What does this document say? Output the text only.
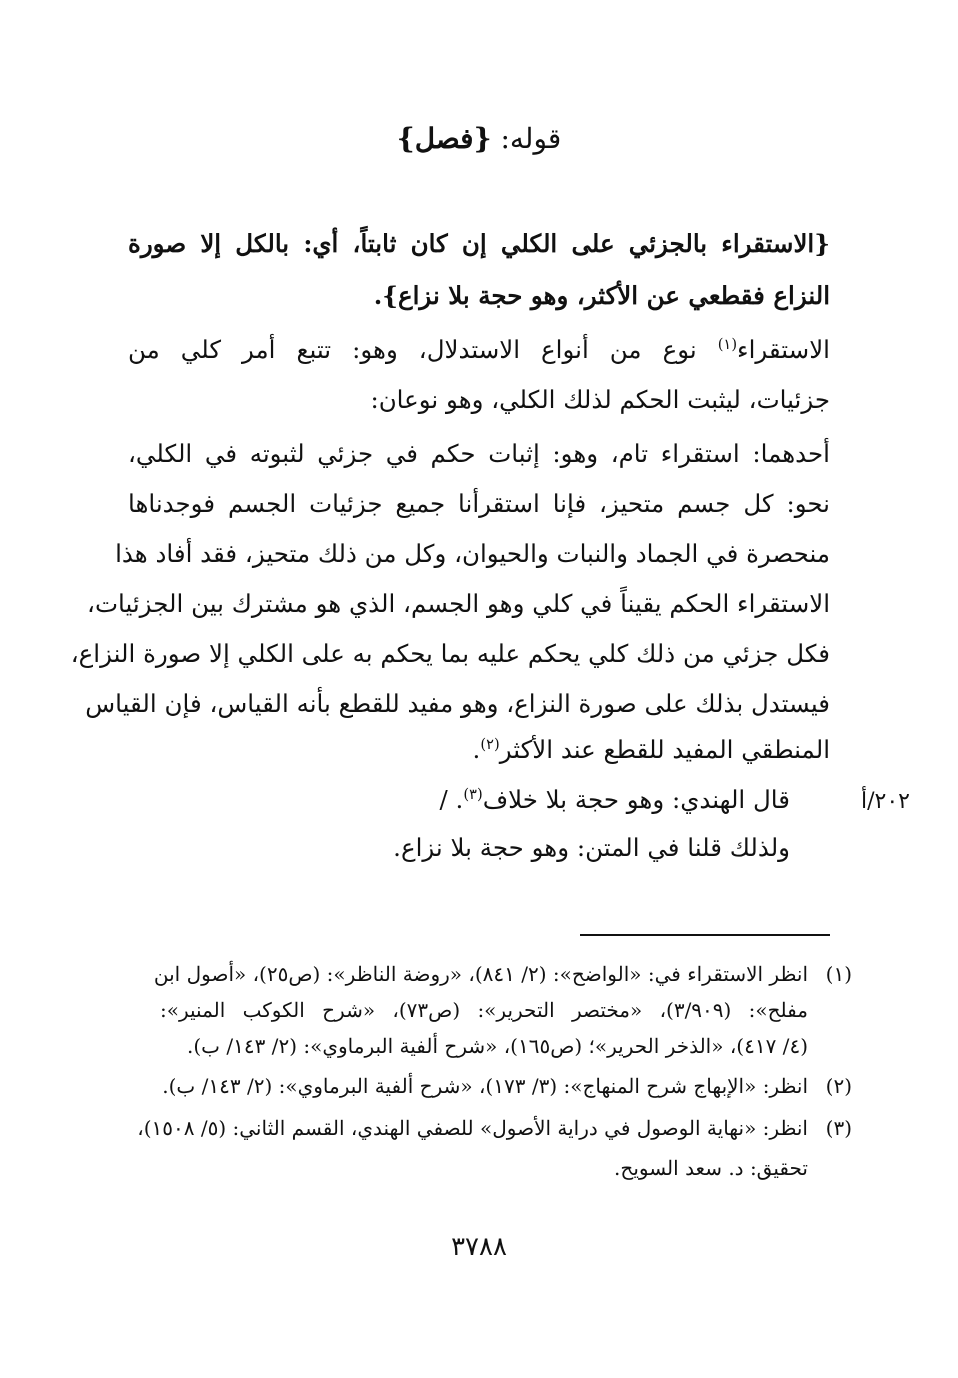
قوله: {فصل}
{الاستقراء بالجزئي على الكلي إن كان ثابتاً، أي: بالكل إلا صورة
النزاع فقطعي عن الأكثر، وهو حجة بلا نزاع}.
الاستقراء$^{(١)}$ نوع من أنواع الاستدلال، وهو: تتبع أمر كلي من
جزئيات، ليثبت الحكم لذلك الكلي، وهو نوعان:
أحدهما: استقراء تام، وهو: إثبات حكم في جزئي لثبوته في الكلي،
نحو: كل جسم متحيز، فإنا استقرأنا جميع جزئيات الجسم فوجدناها
منحصرة في الجماد والنبات والحيوان، وكل من ذلك متحيز، فقد أفاد هذا
الاستقراء الحكم يقيناً في كلي وهو الجسم، الذي هو مشترك بين الجزئيات،
فكل جزئي من ذلك كلي يحكم عليه بما يحكم به على الكلي إلا صورة النزاع،
فيستدل بذلك على صورة النزاع، وهو مفيد للقطع بأنه القياس، فإن القياس
المنطقي المفيد للقطع عند الأكثر$^{(٢)}$.
قال الهندي: وهو حجة بلا خلاف$^{(٣)}$. /
ولذلك قلنا في المتن: وهو حجة بلا نزاع.
٢٠٢/أ
(١)
انظر الاستقراء في: «الواضح»: (٢/ ٨٤١)، «روضة الناظر»: (ص٢٥)، «أصول ابن
مفلح»: (٣/٩٠٩)، «مختصر التحرير»: (ص٧٣)، «شرح الكوكب المنير»:
(٤/ ٤١٧)، «الذخر الحرير»؛ (ص١٦٥)، «شرح ألفية البرماوي»: (٢/ ١٤٣/ ب).
(٢)
انظر: «الإبهاج شرح المنهاج»: (٣/ ١٧٣)، «شرح ألفية البرماوي»: (٢/ ١٤٣/ ب).
(٣)
انظر: «نهاية الوصول في دراية الأصول» للصفي الهندي، القسم الثاني: (٥/ ١٥٠٨)،
تحقيق: د. سعد السويح.
٣٧٨٨
